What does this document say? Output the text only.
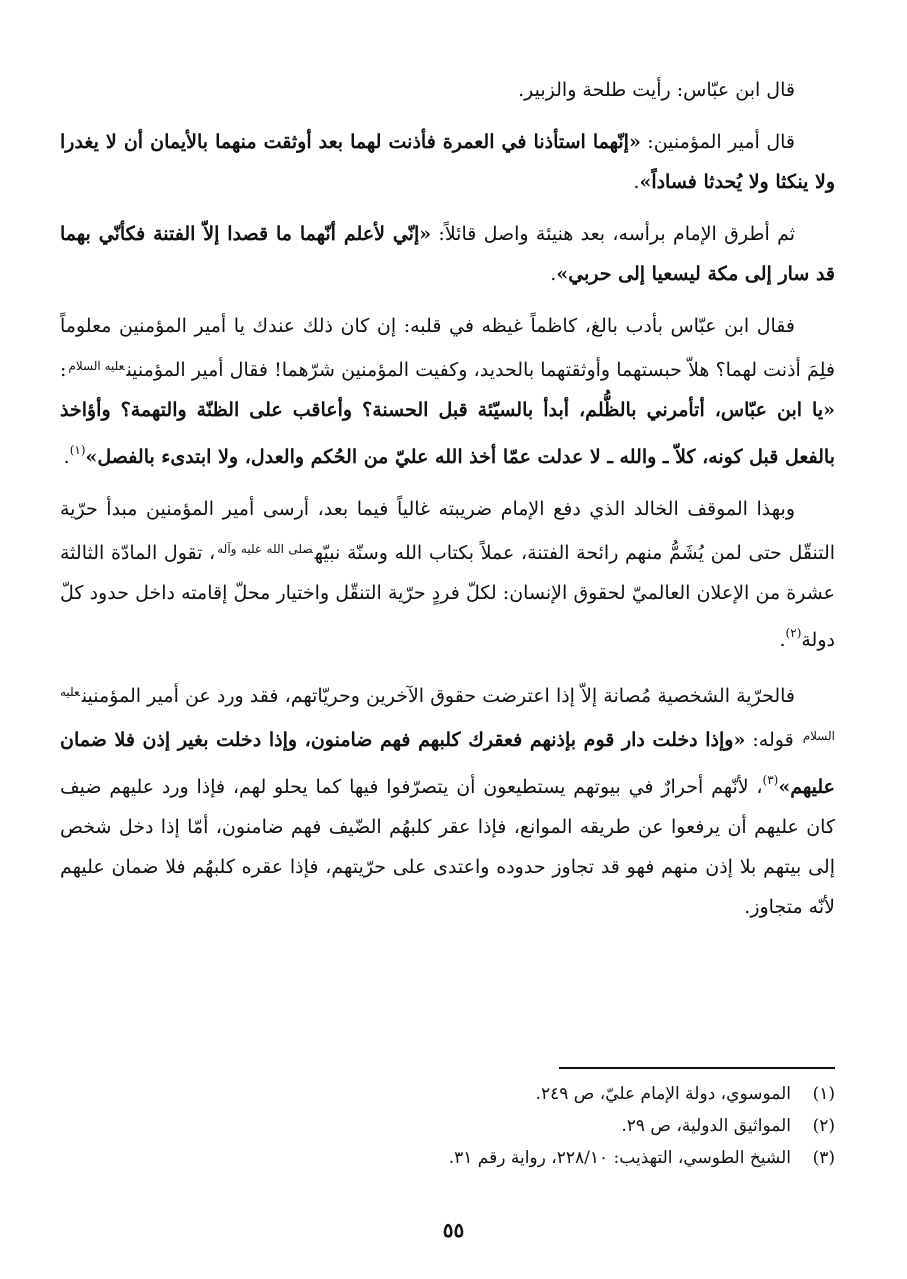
قال ابن عبّاس: رأيت طلحة والزبير.

قال أمير المؤمنين: «إنّهما استأذنا في العمرة فأذنت لهما بعد أوثقت منهما بالأيمان أن لا يغدرا ولا ينكثا ولا يُحدثا فساداً».

ثم أطرق الإمام برأسه، بعد هنيئة واصل قائلاً: «إنّي لأعلم أنّهما ما قصدا إلاّ الفتنة فكأنّي بهما قد سار إلى مكة ليسعيا إلى حربي».

فقال ابن عبّاس بأدب بالغ، كاظماً غيظه في قلبه: إن كان ذلك عندك يا أمير المؤمنين معلوماً فلِمَ أذنت لهما؟ هلاّ حبستهما وأوثقتهما بالحديد، وكفيت المؤمنين شرّهما! فقال أمير المؤمنين$^{عليه السلام}$: «يا ابن عبّاس، أتأمرني بالظُّلم، أبدأ بالسيّئة قبل الحسنة؟ وأعاقب على الظنّة والتهمة؟ وأؤاخذ بالفعل قبل كونه، كلاّ ـ والله ـ لا عدلت عمّا أخذ الله عليّ من الحُكم والعدل، ولا ابتدىء بالفصل»$^{(١)}$.

وبهذا الموقف الخالد الذي دفع الإمام ضريبته غالياً فيما بعد، أرسى أمير المؤمنين مبدأ حرّية التنقّل حتى لمن يُشَمُّ منهم رائحة الفتنة، عملاً بكتاب الله وسنّة نبيّه$^{صلى الله عليه وآله}$، تقول المادّة الثالثة عشرة من الإعلان العالميّ لحقوق الإنسان: لكلّ فردٍ حرّية التنقّل واختيار محلّ إقامته داخل حدود كلّ دولة$^{(٢)}$.

فالحرّية الشخصية مُصانة إلاّ إذا اعترضت حقوق الآخرين وحريّاتهم، فقد ورد عن أمير المؤمنين$^{عليه السلام}$ قوله: «وإذا دخلت دار قوم بإذنهم فعقرك كلبهم فهم ضامنون، وإذا دخلت بغير إذن فلا ضمان عليهم»$^{(٣)}$، لأنّهم أحرارٌ في بيوتهم يستطيعون أن يتصرّفوا فيها كما يحلو لهم، فإذا ورد عليهم ضيف كان عليهم أن يرفعوا عن طريقه الموانع، فإذا عقر كلبهُم الضّيف فهم ضامنون، أمّا إذا دخل شخص إلى بيتهم بلا إذن منهم فهو قد تجاوز حدوده واعتدى على حرّيتهم، فإذا عقره كلبهُم فلا ضمان عليهم لأنّه متجاوز.

(١)الموسوي، دولة الإمام عليّ، ص ٢٤٩.
(٢)المواثيق الدولية، ص ٢٩.
(٣)الشيخ الطوسي، التهذيب: ٢٢٨/١٠، رواية رقم ٣١.
٥٥
